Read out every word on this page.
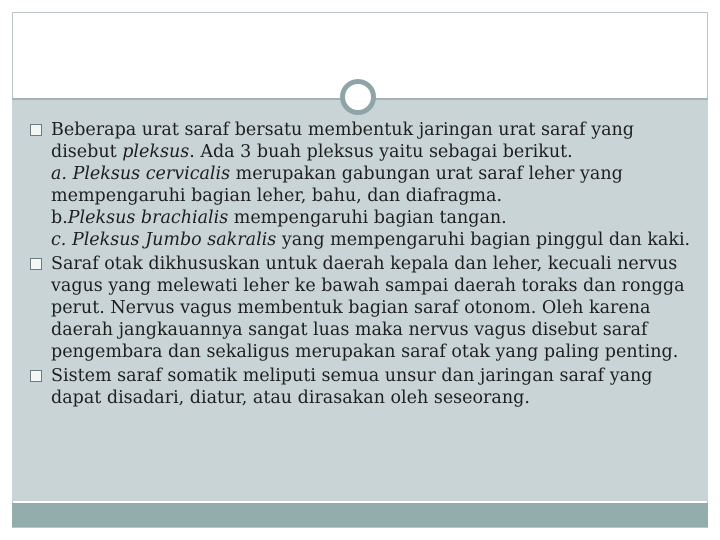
Beberapa urat saraf bersatu membentuk jaringan urat saraf yang disebut pleksus. Ada 3 buah pleksus yaitu sebagai berikut.
a. Pleksus cervicalis merupakan gabungan urat saraf leher yang mempengaruhi bagian leher, bahu, dan diafragma.
b.Pleksus brachialis mempengaruhi bagian tangan.
c. Pleksus Jumbo sakralis yang mempengaruhi bagian pinggul dan kaki.
Saraf otak dikhususkan untuk daerah kepala dan leher, kecuali nervus vagus yang melewati leher ke bawah sampai daerah toraks dan rongga perut. Nervus vagus membentuk bagian saraf otonom. Oleh karena daerah jangkauannya sangat luas maka nervus vagus disebut saraf pengembara dan sekaligus merupakan saraf otak yang paling penting.
Sistem saraf somatik meliputi semua unsur dan jaringan saraf yang dapat disadari, diatur, atau dirasakan oleh seseorang.
